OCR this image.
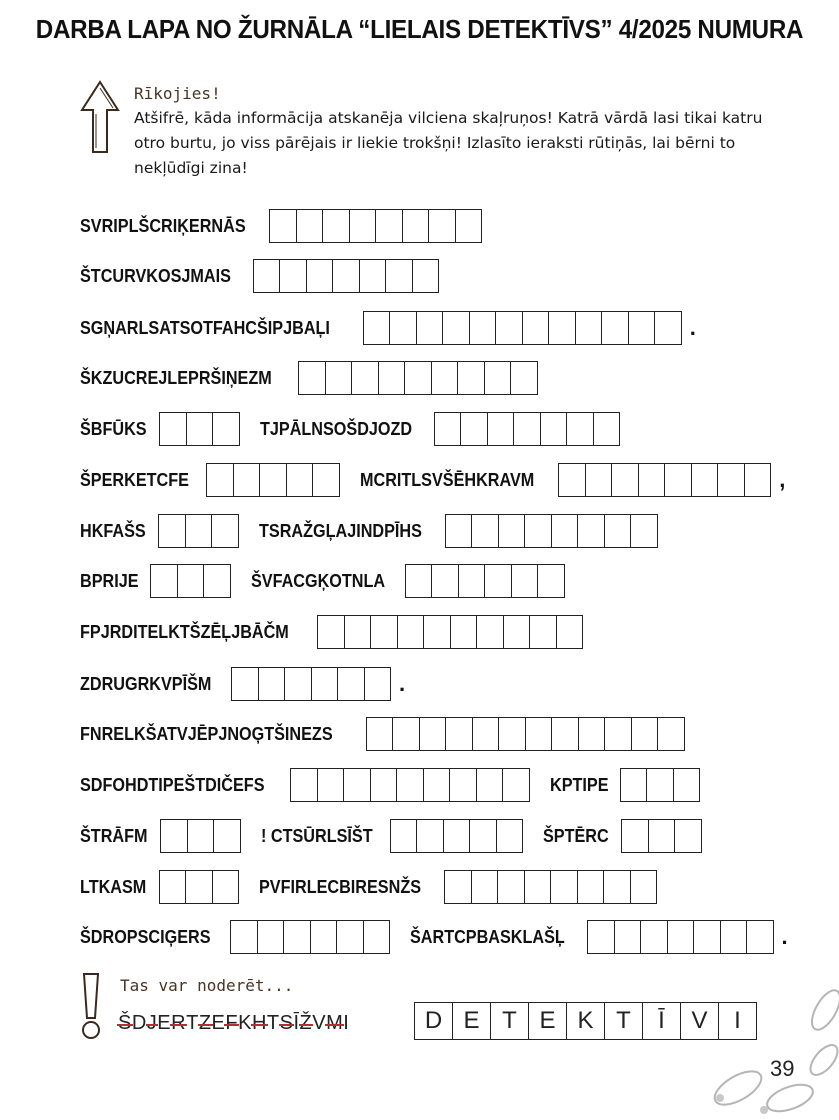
DARBA LAPA NO ŽURNĀLA “LIELAIS DETEKTĪVS” 4/2025 NUMURA
Rīkojies!
Atšifrē, kāda informācija atskanēja vilciena skaļruņos! Katrā vārdā lasi tikai katru
otro burtu, jo viss pārējais ir liekie trokšņi! Izlasīto ieraksti rūtiņās, lai bērni to
nekļūdīgi zina!
SVRIPLŠCRIĶERNĀS
ŠTCURVKOSJMAIS
SGŅARLSATSOTFAHCŠIPJBAĻI	.
ŠKZUCREJLEPRŠIŅEZM
ŠBFŪKS	TJPĀLNSOŠDJOZD
ŠPERKETCFE	MCRITLSVŠĒHKRAVM	,
HKFAŠS	TSRAŽGĻAJINDPĪHS
BPRIJE	ŠVFACGĶOTNLA
FPJRDITELKTŠZĒĻJBĀČM
ZDRUGRKVPĪŠM	.
FNRELKŠATVJĒPJNOĢTŠINEZS
SDFOHDTIPEŠTDIČEFS	KPTIPE
ŠTRĀFM	! CTSŪRLSĪŠT	ŠPTĒRC
LTKASM	PVFIRLECBIRESNŽS
ŠDROPSCIĢERS	ŠARTCPBASKLAŠĻ	.
Tas var noderēt...
ŠDJERTZEFKHTSĪŽVMI	D E T E K T	Ī	V	I
39
